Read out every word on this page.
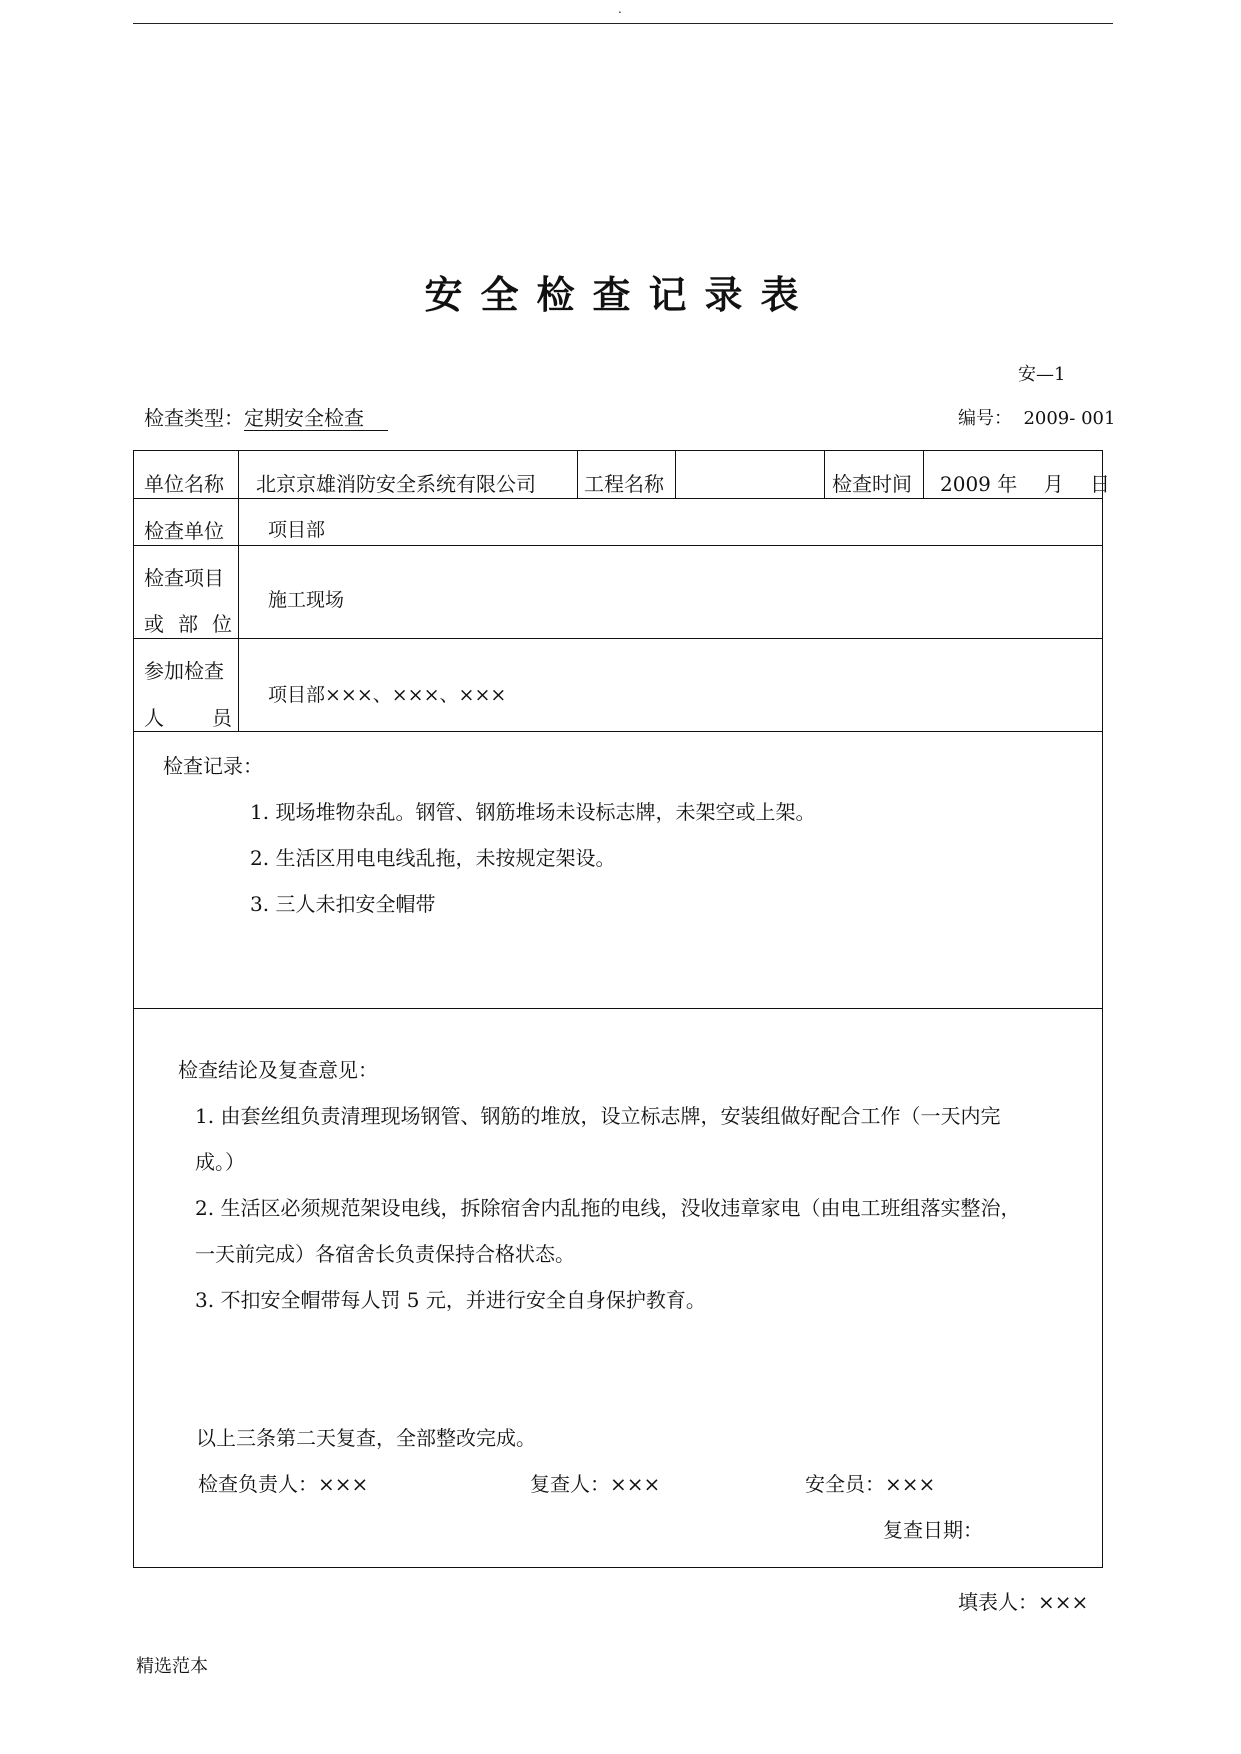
.
安全检查记录表
安—1
检查类型：定期安全检查	编号： 2009- 001
单位名称 北京京雄消防安全系统有限公司 工程名称	检查时间 2009 年　 月　 日
检查单位 项目部
检查项目
或 部 位
施工现场
参加检查
人 员
项目部×××、×××、×××
检查记录：
1. 现场堆物杂乱。钢管、钢筋堆场未设标志牌，未架空或上架。
2. 生活区用电电线乱拖，未按规定架设。
3. 三人未扣安全帽带
检查结论及复查意见：
1. 由套丝组负责清理现场钢管、钢筋的堆放，设立标志牌，安装组做好配合工作（一天内完
成。）
2. 生活区必须规范架设电线，拆除宿舍内乱拖的电线，没收违章家电（由电工班组落实整治，
一天前完成）各宿舍长负责保持合格状态。
3. 不扣安全帽带每人罚 5 元，并进行安全自身保护教育。
以上三条第二天复查，全部整改完成。
检查负责人：×××	复查人：×××	安全员：×××
复查日期：
填表人：×××
精选范本
